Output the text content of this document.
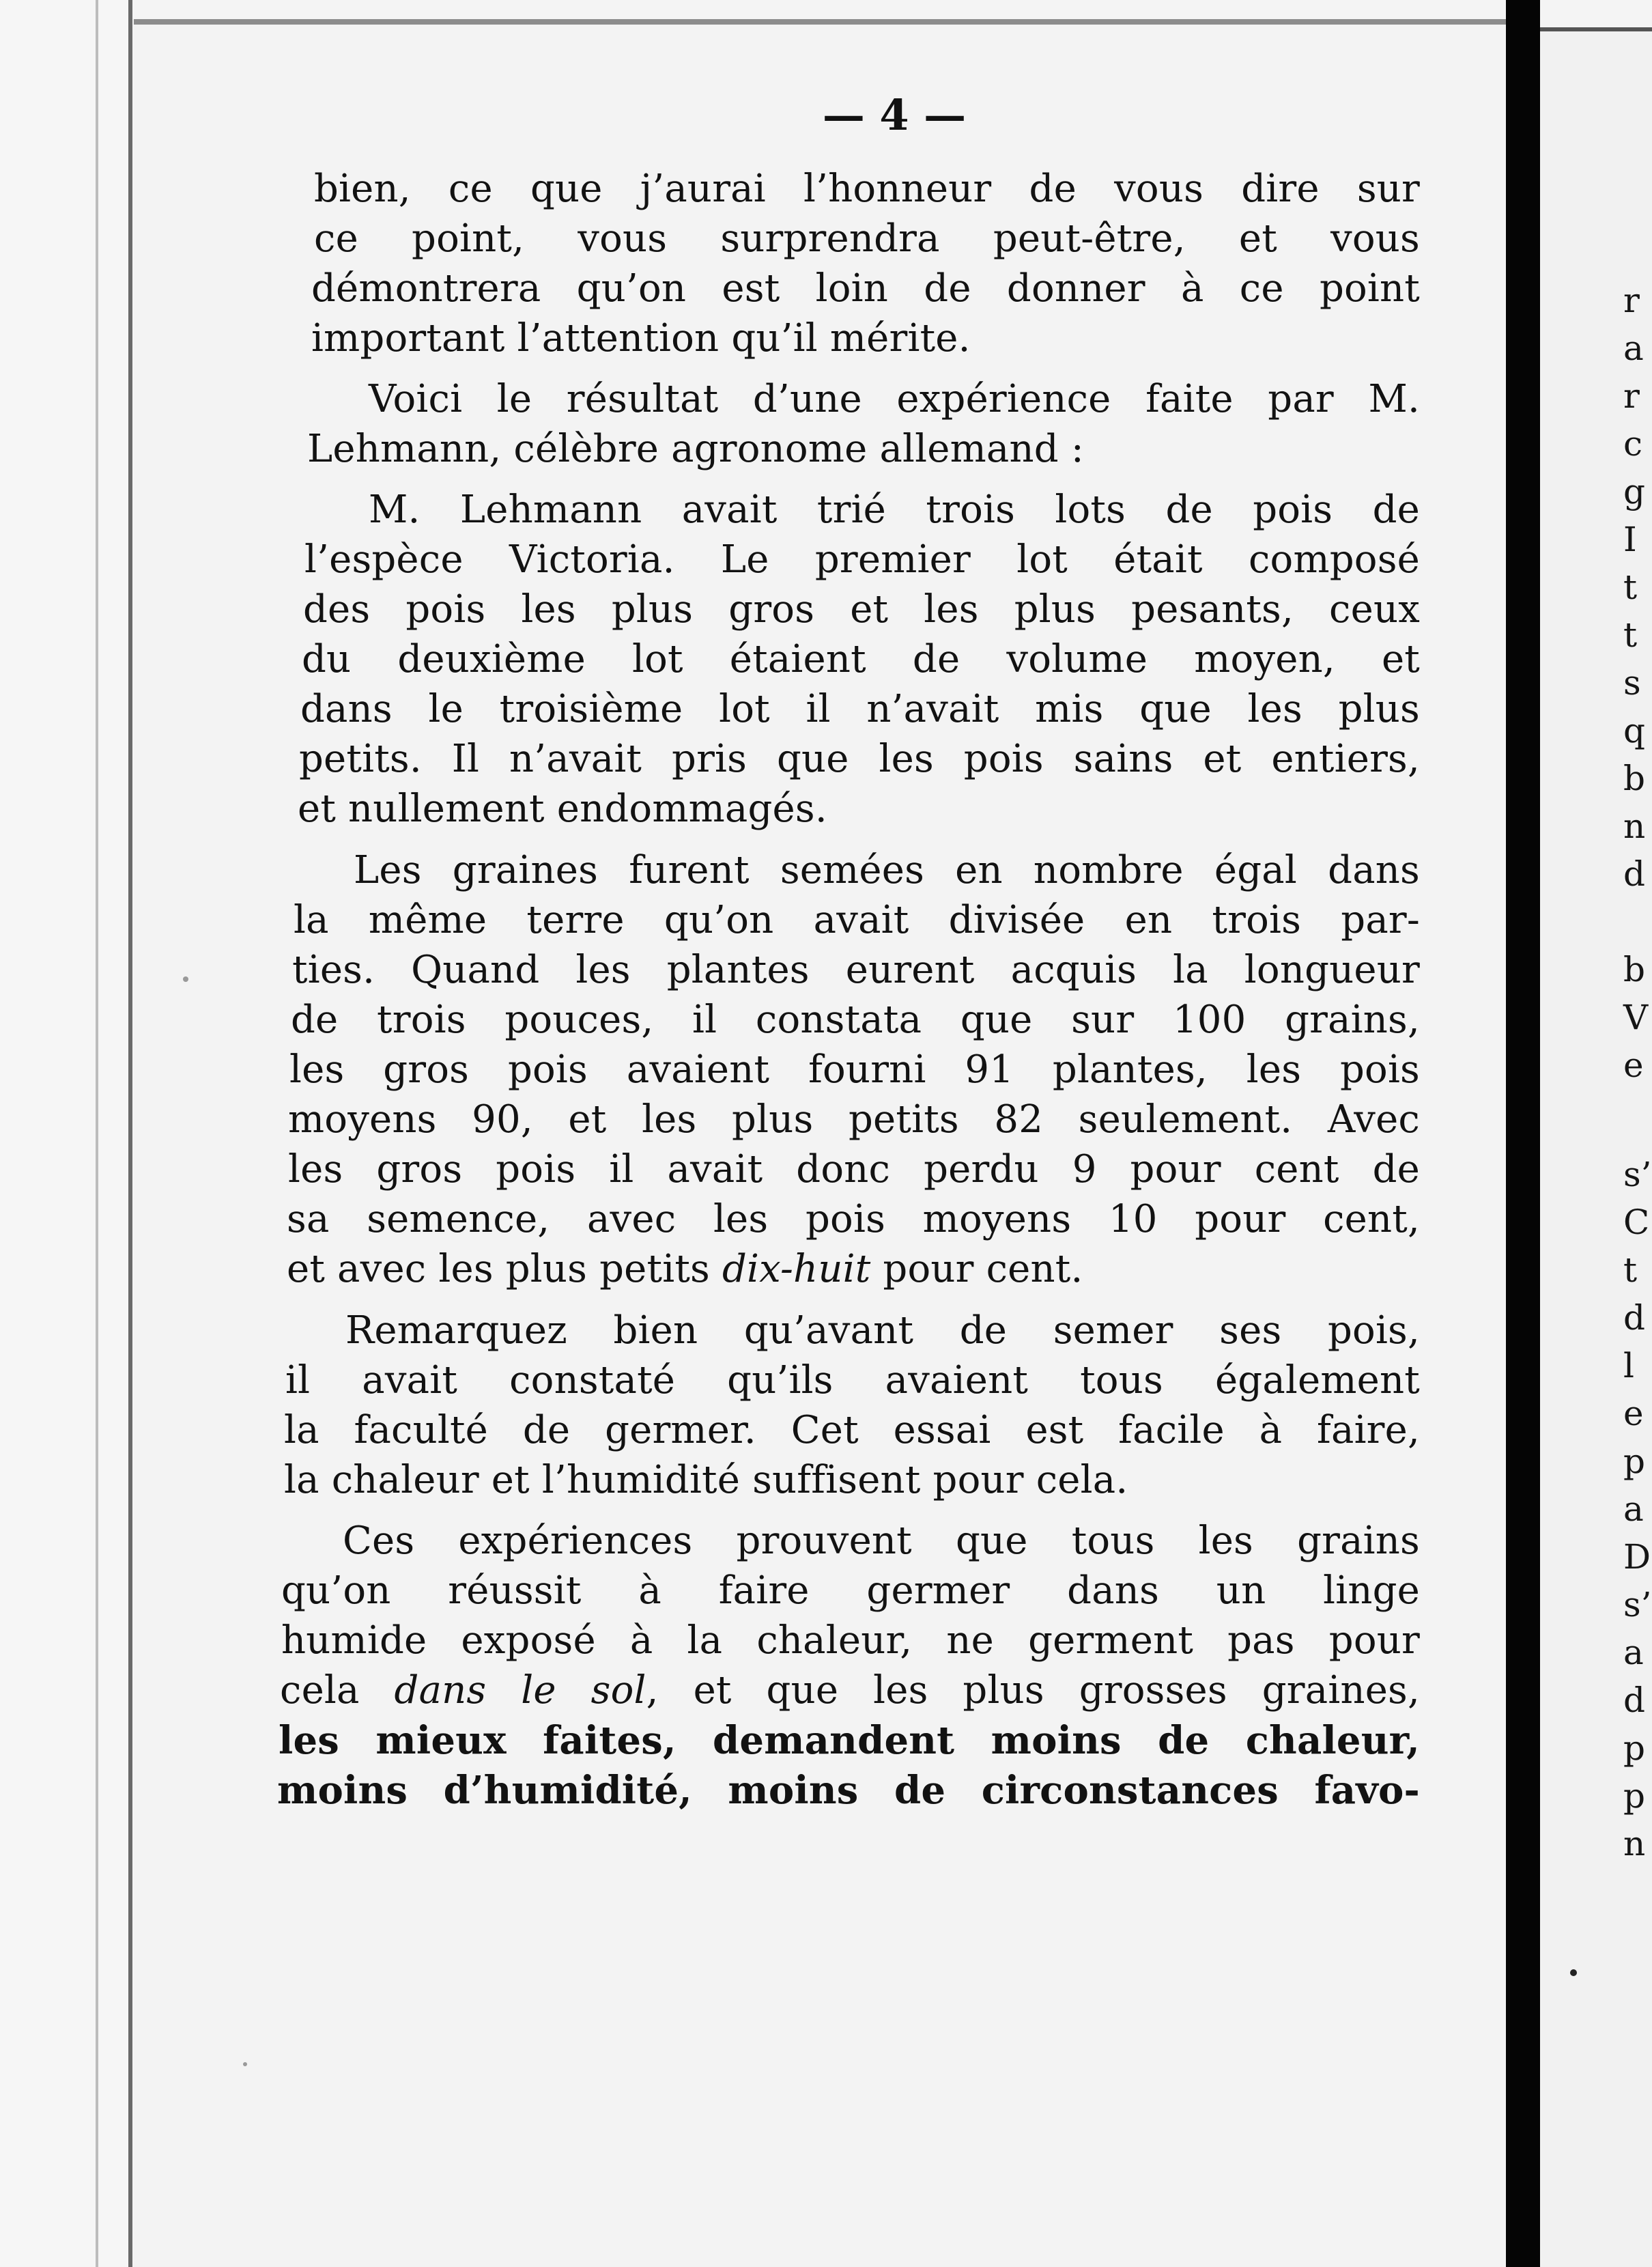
— 4 —
bien, ce que j’aurai l’honneur de vous dire sur
ce point, vous surprendra peut-être, et vous
démontrera qu’on est loin de donner à ce point
important l’attention qu’il mérite.
Voici le résultat d’une expérience faite par M.
Lehmann, célèbre agronome allemand :
M. Lehmann avait trié trois lots de pois de
l’espèce Victoria. Le premier lot était composé
des pois les plus gros et les plus pesants, ceux
du deuxième lot étaient de volume moyen, et
dans le troisième lot il n’avait mis que les plus
petits. Il n’avait pris que les pois sains et entiers,
et nullement endommagés.
Les graines furent semées en nombre égal dans
la même terre qu’on avait divisée en trois par-
ties. Quand les plantes eurent acquis la longueur
de trois pouces, il constata que sur 100 grains,
les gros pois avaient fourni 91 plantes, les pois
moyens 90, et les plus petits 82 seulement. Avec
les gros pois il avait donc perdu 9 pour cent de
sa semence, avec les pois moyens 10 pour cent,
et avec les plus petits dix-huit pour cent.
Remarquez bien qu’avant de semer ses pois,
il avait constaté qu’ils avaient tous également
la faculté de germer. Cet essai est facile à faire,
la chaleur et l’humidité suffisent pour cela.
Ces expériences prouvent que tous les grains
qu’on réussit à faire germer dans un linge
humide exposé à la chaleur, ne germent pas pour
cela dans le sol, et que les plus grosses graines,
les mieux faites, demandent moins de chaleur,
moins d’humidité, moins de circonstances favo-
r
a
r
c
g
I
t
t
s
q
b
n
d
b
V
e
s’
C
t
d
l
e
p
a
D
s’
a
d
p
p
n
